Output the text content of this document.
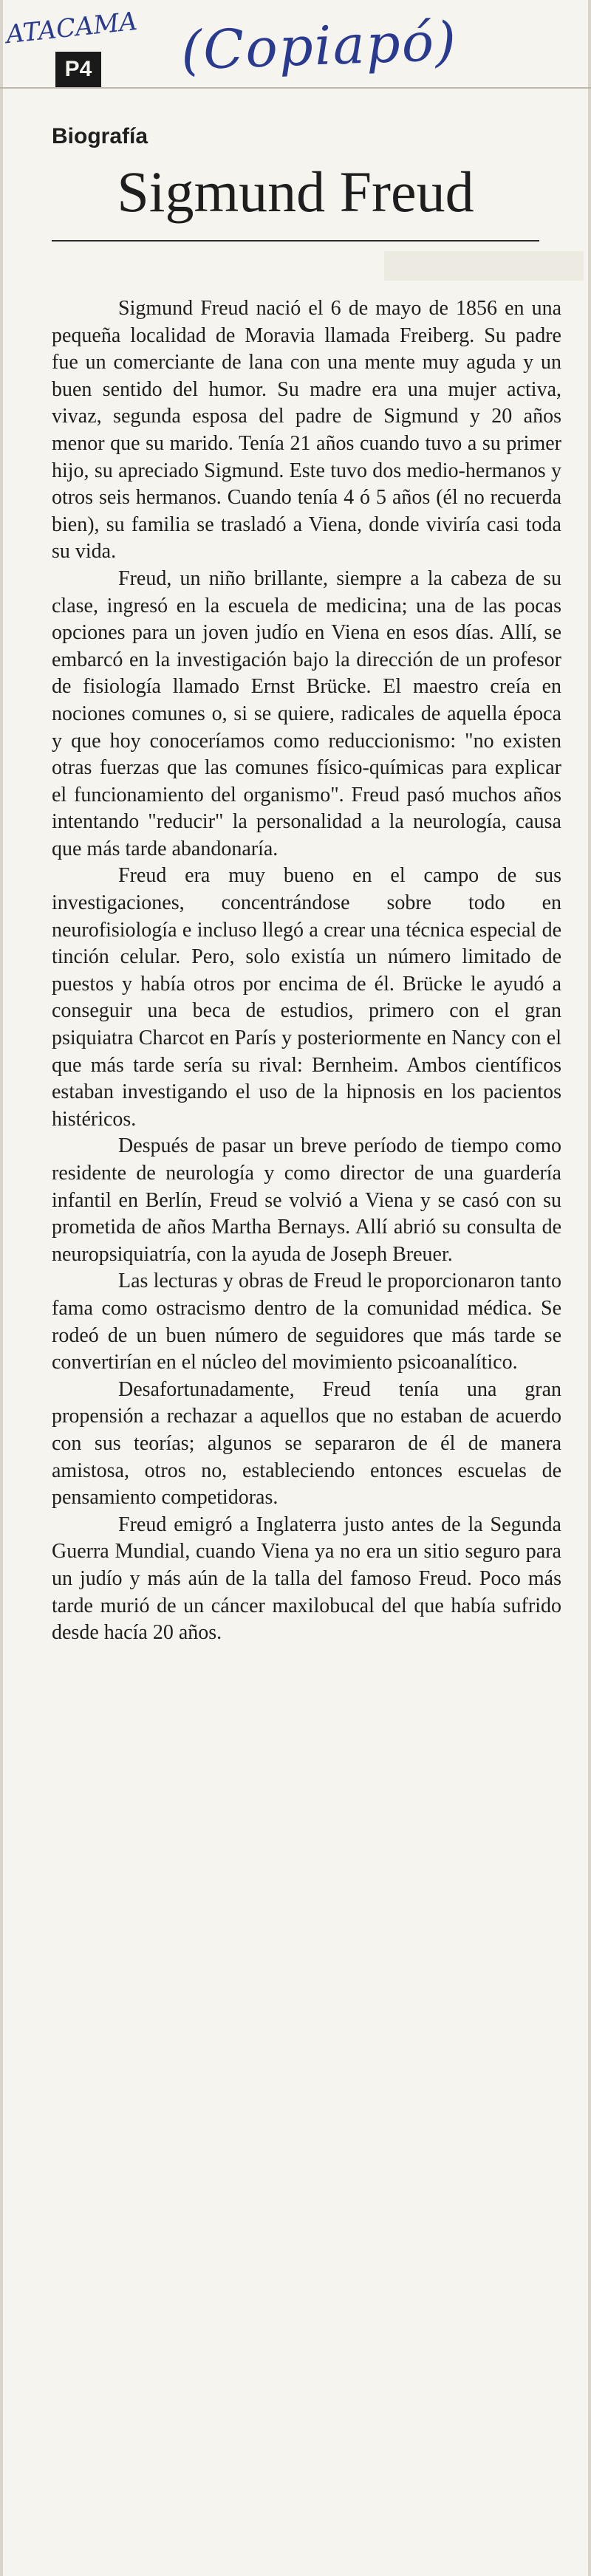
ATACAMA (Copiapó)
P4
Biografía
Sigmund Freud

Sigmund Freud nació el 6 de mayo de 1856 en una pequeña localidad de Moravia llamada Freiberg. Su padre fue un comerciante de lana con una mente muy aguda y un buen sentido del humor. Su madre era una mujer activa, vivaz, segunda esposa del padre de Sigmund y 20 años menor que su marido. Tenía 21 años cuando tuvo a su primer hijo, su apreciado Sigmund. Este tuvo dos medio-hermanos y otros seis hermanos. Cuando tenía 4 ó 5 años (él no recuerda bien), su familia se trasladó a Viena, donde viviría casi toda su vida.

Freud, un niño brillante, siempre a la cabeza de su clase, ingresó en la escuela de medicina; una de las pocas opciones para un joven judío en Viena en esos días. Allí, se embarcó en la investigación bajo la dirección de un profesor de fisiología llamado Ernst Brücke. El maestro creía en nociones comunes o, si se quiere, radicales de aquella época y que hoy conoceríamos como reduccionismo: "no existen otras fuerzas que las comunes físico-químicas para explicar el funcionamiento del organismo". Freud pasó muchos años intentando "reducir" la personalidad a la neurología, causa que más tarde abandonaría.

Freud era muy bueno en el campo de sus investigaciones, concentrándose sobre todo en neurofisiología e incluso llegó a crear una técnica especial de tinción celular. Pero, solo existía un número limitado de puestos y había otros por encima de él. Brücke le ayudó a conseguir una beca de estudios, primero con el gran psiquiatra Charcot en París y posteriormente en Nancy con el que más tarde sería su rival: Bernheim. Ambos científicos estaban investigando el uso de la hipnosis en los pacientos histéricos.

Después de pasar un breve período de tiempo como residente de neurología y como director de una guardería infantil en Berlín, Freud se volvió a Viena y se casó con su prometida de años Martha Bernays. Allí abrió su consulta de neuropsiquiatría, con la ayuda de Joseph Breuer.

Las lecturas y obras de Freud le proporcionaron tanto fama como ostracismo dentro de la comunidad médica. Se rodeó de un buen número de seguidores que más tarde se convertirían en el núcleo del movimiento psicoanalítico.

Desafortunadamente, Freud tenía una gran propensión a rechazar a aquellos que no estaban de acuerdo con sus teorías; algunos se separaron de él de manera amistosa, otros no, estableciendo entonces escuelas de pensamiento competidoras.

Freud emigró a Inglaterra justo antes de la Segunda Guerra Mundial, cuando Viena ya no era un sitio seguro para un judío y más aún de la talla del famoso Freud. Poco más tarde murió de un cáncer maxilobucal del que había sufrido desde hacía 20 años.
